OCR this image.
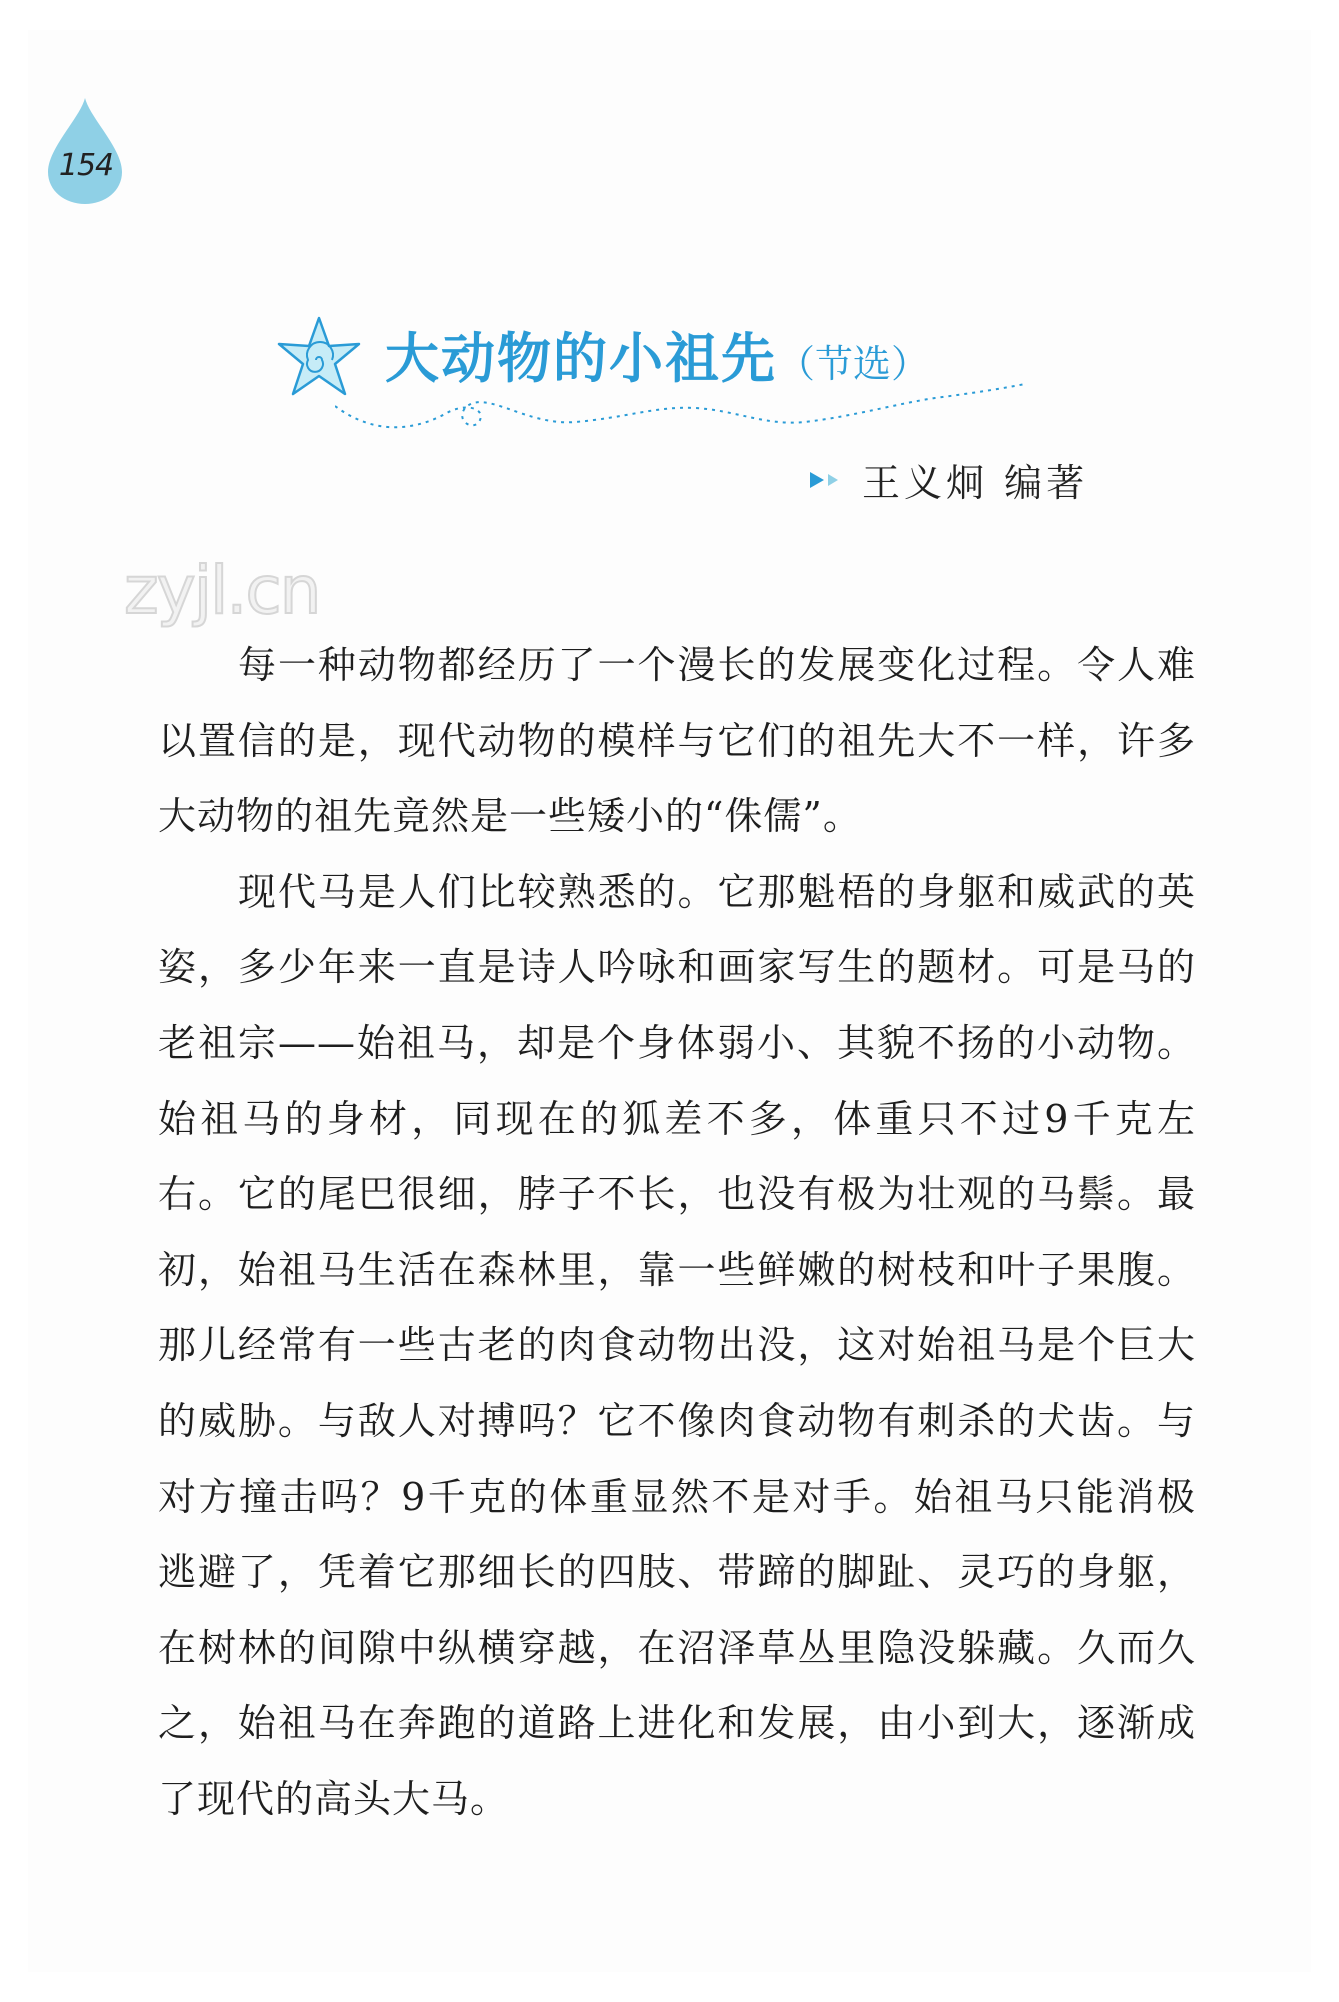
154
大动物的小祖先（节选）
王义炯 编著
zyjl.cn

每一种动物都经历了一个漫长的发展变化过程。令人难以置信的是，现代动物的模样与它们的祖先大不一样，许多大动物的祖先竟然是一些矮小的“侏儒”。

现代马是人们比较熟悉的。它那魁梧的身躯和威武的英姿，多少年来一直是诗人吟咏和画家写生的题材。可是马的老祖宗——始祖马，却是个身体弱小、其貌不扬的小动物。始祖马的身材，同现在的狐差不多，体重只不过9千克左右。它的尾巴很细，脖子不长，也没有极为壮观的马鬃。最初，始祖马生活在森林里，靠一些鲜嫩的树枝和叶子果腹。那儿经常有一些古老的肉食动物出没，这对始祖马是个巨大的威胁。与敌人对搏吗？它不像肉食动物有刺杀的犬齿。与对方撞击吗？9千克的体重显然不是对手。始祖马只能消极逃避了，凭着它那细长的四肢、带蹄的脚趾、灵巧的身躯，在树林的间隙中纵横穿越，在沼泽草丛里隐没躲藏。久而久之，始祖马在奔跑的道路上进化和发展，由小到大，逐渐成了现代的高头大马。
